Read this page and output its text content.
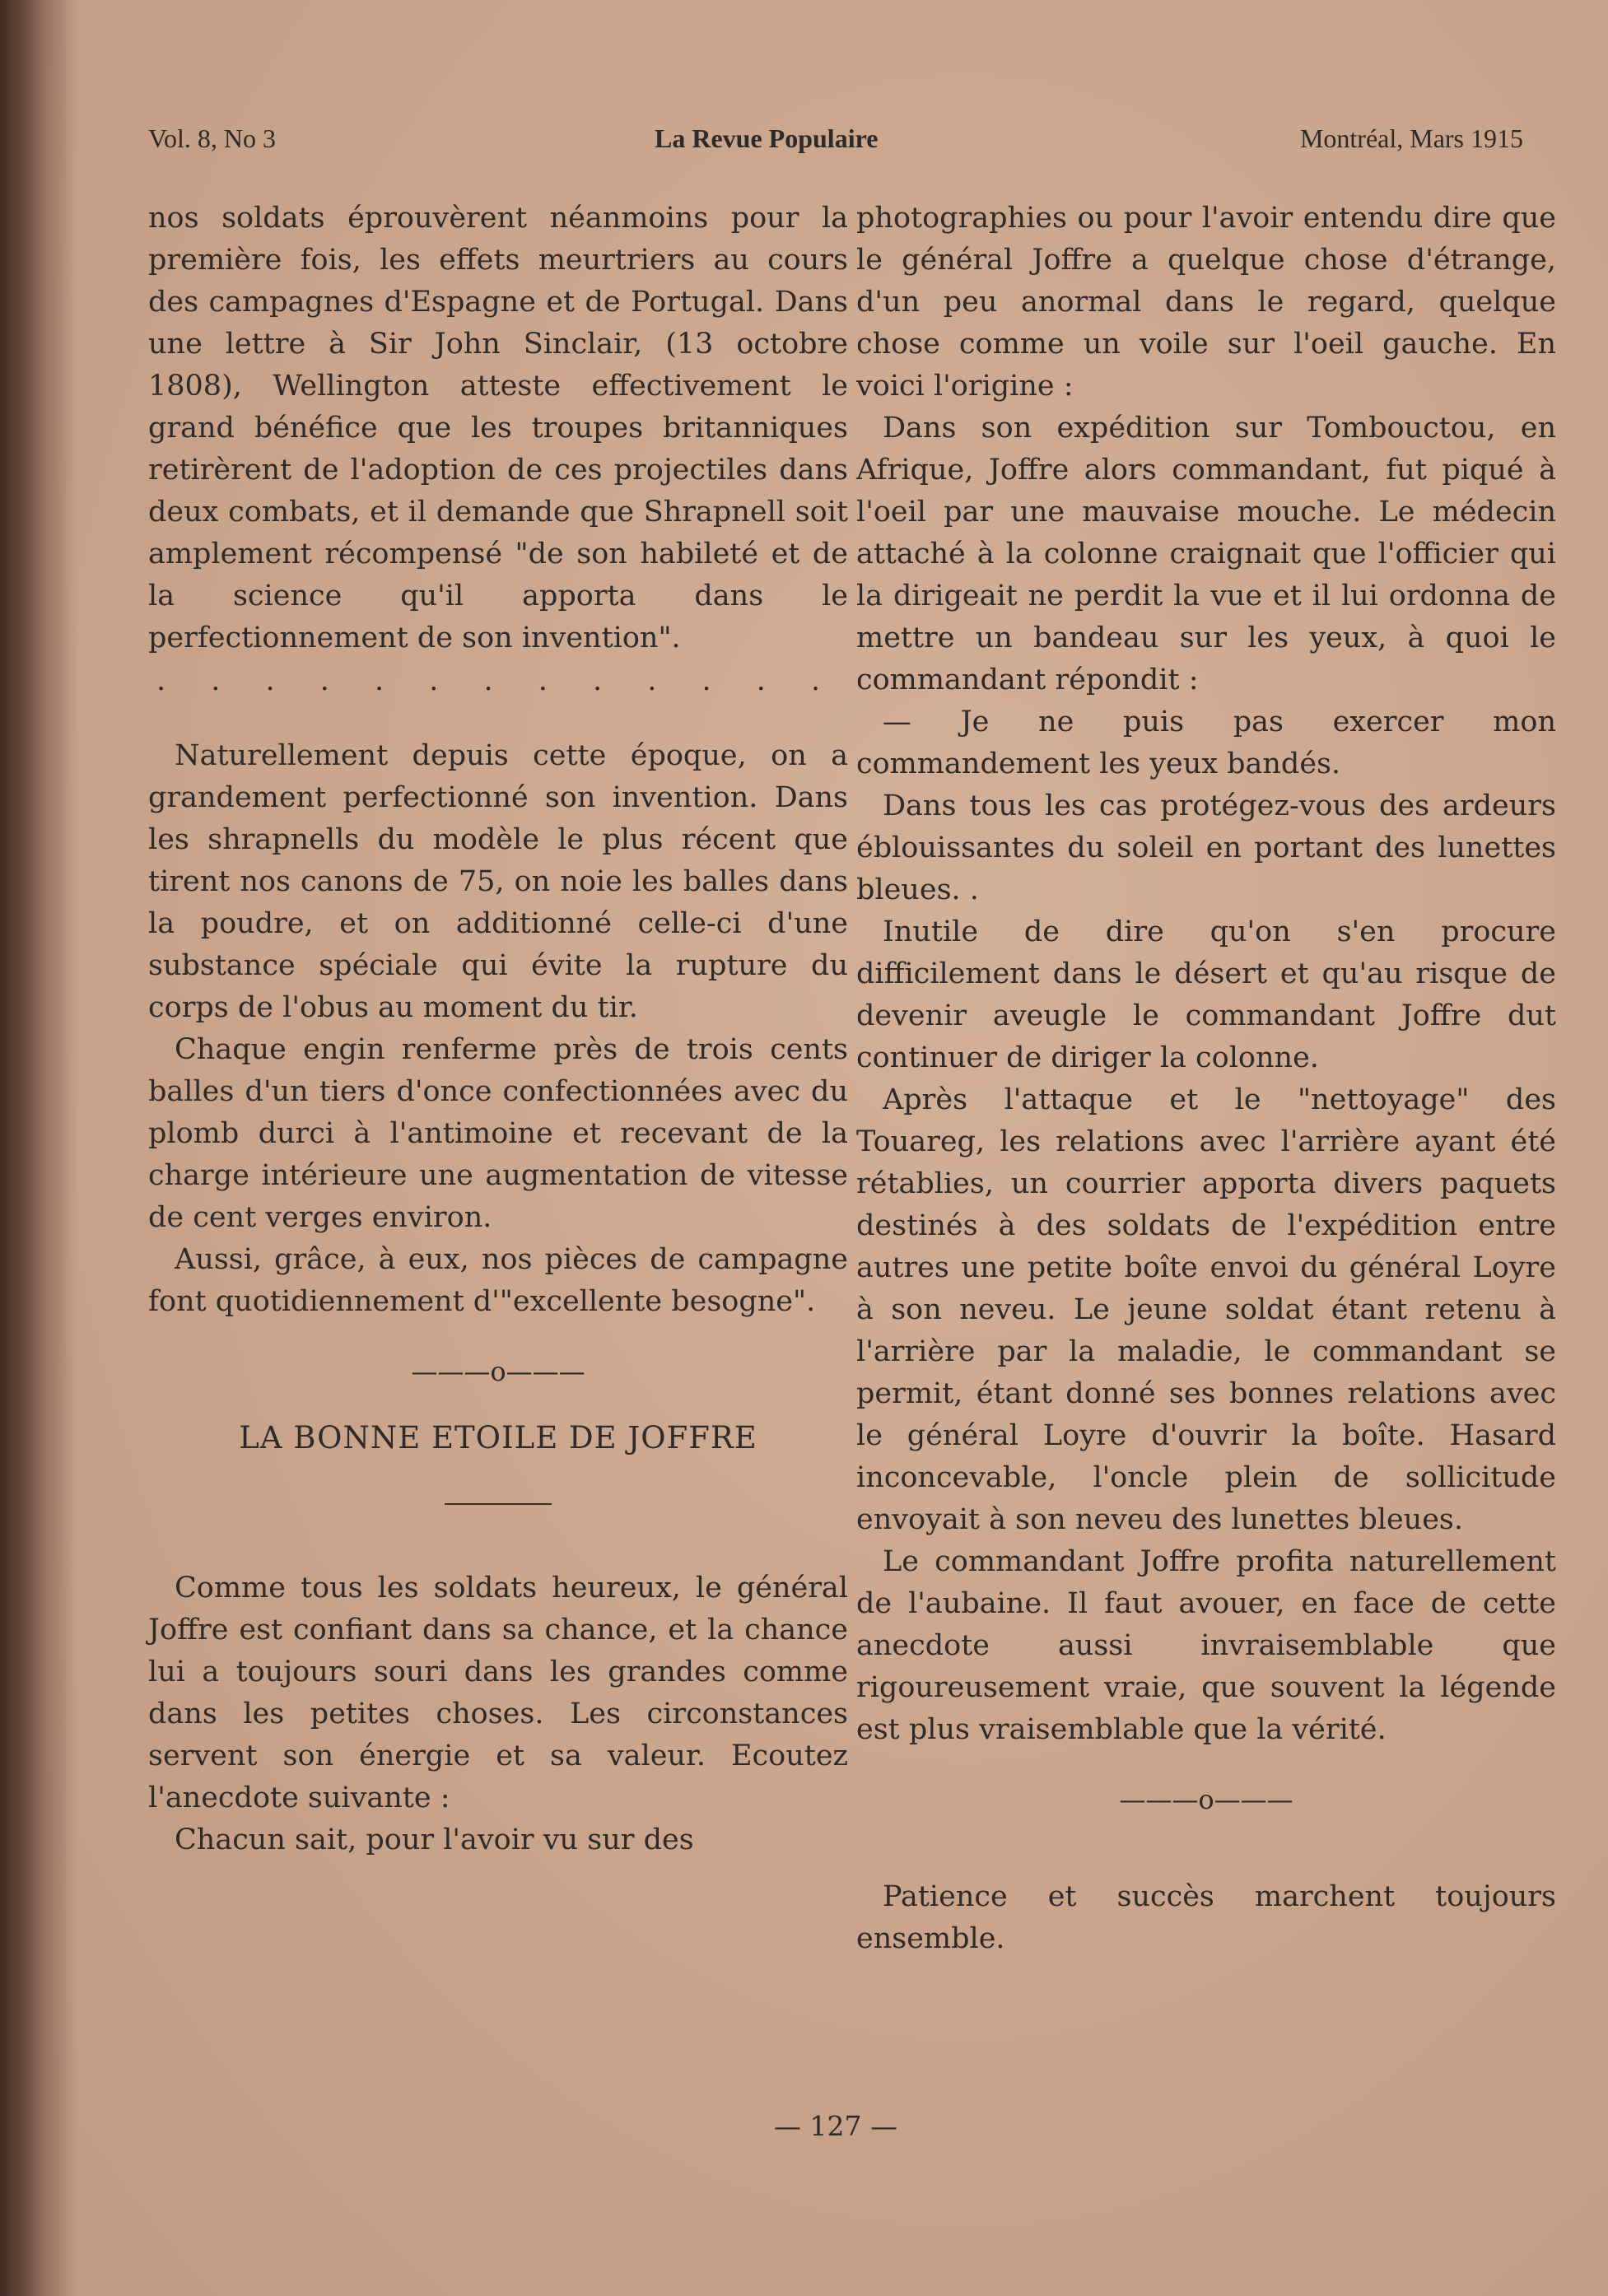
Vol. 8, No 3	La Revue Populaire	Montréal, Mars 1915

nos soldats éprouvèrent néanmoins pour la première fois, les effets meurtriers au cours des campagnes d'Espagne et de Portugal. Dans une lettre à Sir John Sinclair, (13 octobre 1808), Wellington atteste effectivement le grand bénéfice que les troupes britanniques retirèrent de l'adoption de ces projectiles dans deux combats, et il demande que Shrapnell soit amplement récompensé "de son habileté et de la science qu'il apporta dans le perfectionnement de son invention".

. . . . . . . . . . . . .

Naturellement depuis cette époque, on a grandement perfectionné son invention. Dans les shrapnells du modèle le plus récent que tirent nos canons de 75, on noie les balles dans la poudre, et on additionné celle-ci d'une substance spéciale qui évite la rupture du corps de l'obus au moment du tir.

Chaque engin renferme près de trois cents balles d'un tiers d'once confectionnées avec du plomb durci à l'antimoine et recevant de la charge intérieure une augmentation de vitesse de cent verges environ.

Aussi, grâce, à eux, nos pièces de campagne font quotidiennement d'"excellente besogne".

———o———
LA BONNE ETOILE DE JOFFRE

Comme tous les soldats heureux, le général Joffre est confiant dans sa chance, et la chance lui a toujours souri dans les grandes comme dans les petites choses. Les circonstances servent son énergie et sa valeur. Ecoutez l'anecdote suivante :

Chacun sait, pour l'avoir vu sur des

photographies ou pour l'avoir entendu dire que le général Joffre a quelque chose d'étrange, d'un peu anormal dans le regard, quelque chose comme un voile sur l'oeil gauche. En voici l'origine :

Dans son expédition sur Tombouctou, en Afrique, Joffre alors commandant, fut piqué à l'oeil par une mauvaise mouche. Le médecin attaché à la colonne craignait que l'officier qui la dirigeait ne perdit la vue et il lui ordonna de mettre un bandeau sur les yeux, à quoi le commandant répondit :

— Je ne puis pas exercer mon commandement les yeux bandés.

Dans tous les cas protégez-vous des ardeurs éblouissantes du soleil en portant des lunettes bleues. .

Inutile de dire qu'on s'en procure difficilement dans le désert et qu'au risque de devenir aveugle le commandant Joffre dut continuer de diriger la colonne.

Après l'attaque et le "nettoyage" des Touareg, les relations avec l'arrière ayant été rétablies, un courrier apporta divers paquets destinés à des soldats de l'expédition entre autres une petite boîte envoi du général Loyre à son neveu. Le jeune soldat étant retenu à l'arrière par la maladie, le commandant se permit, étant donné ses bonnes relations avec le général Loyre d'ouvrir la boîte. Hasard inconcevable, l'oncle plein de sollicitude envoyait à son neveu des lunettes bleues.

Le commandant Joffre profita naturellement de l'aubaine. Il faut avouer, en face de cette anecdote aussi invraisemblable que rigoureusement vraie, que souvent la légende est plus vraisemblable que la vérité.

———o———

Patience et succès marchent toujours ensemble.

— 127 —
